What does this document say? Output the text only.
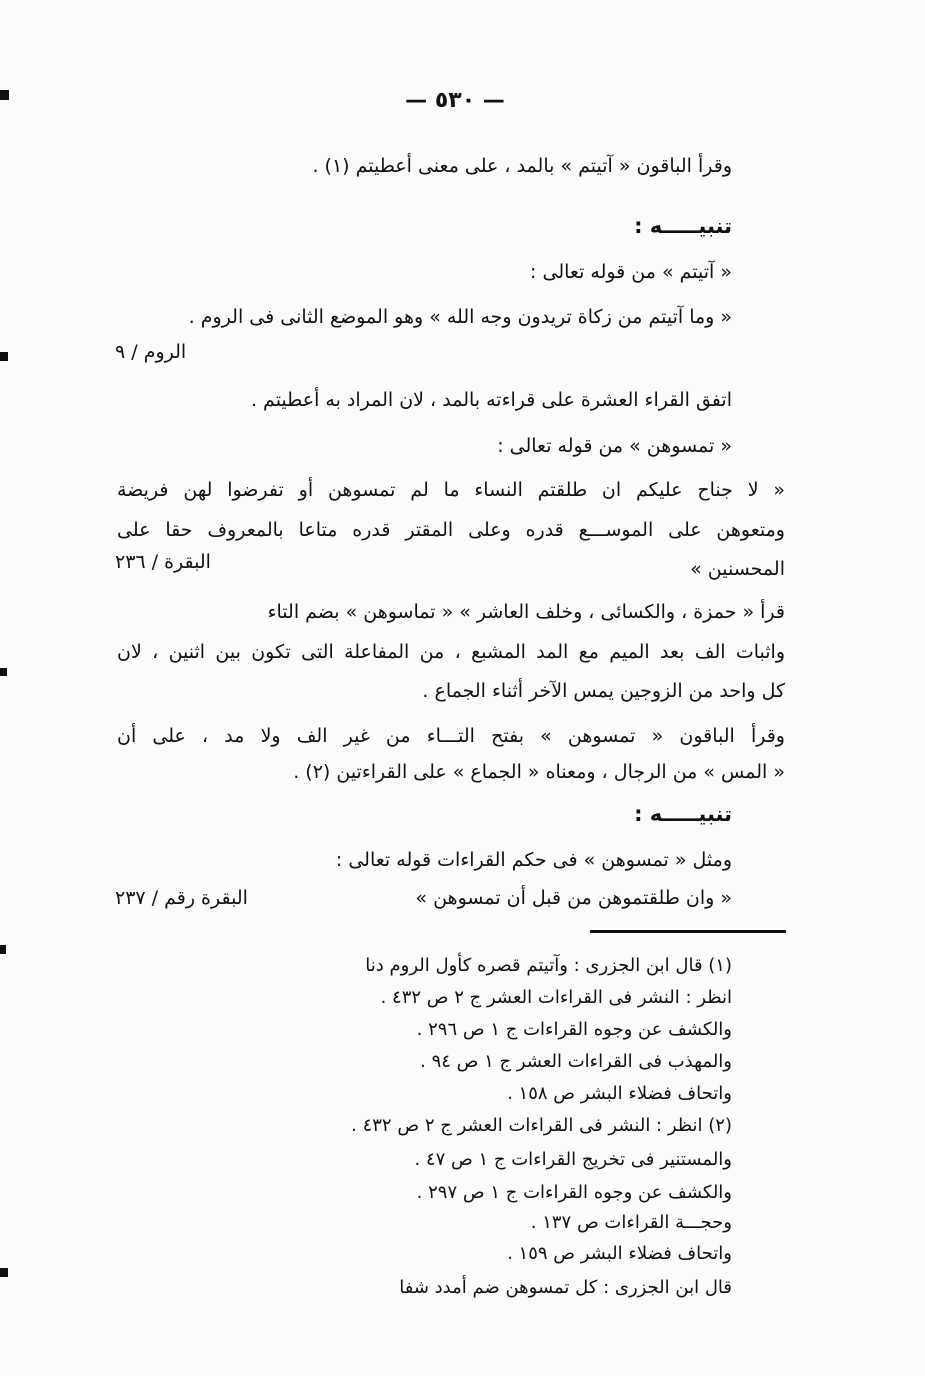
— ٥٣٠ —
وقرأ الباقون « آتيتم » بالمد ، على معنى أعطيتم (١) .
تنبيـــــه :
« آتيتم » من قوله تعالى :
« وما آتيتم من زكاة تريدون وجه الله » وهو الموضع الثانى فى الروم .
الروم / ٩
اتفق القراء العشرة على قراءته بالمد ، لان المراد به أعطيتم .
« تمسوهن » من قوله تعالى :
« لا جناح عليكم ان طلقتم النساء ما لم تمسوهن أو تفرضوا لهن فريضة
ومتعوهن على الموســـع قدره وعلى المقتر قدره متاعا بالمعروف حقا على
المحسنين »
البقرة / ٢٣٦
قرأ « حمزة ، والكسائى ، وخلف العاشر » « تماسوهن » بضم التاء
واثبات الف بعد الميم مع المد المشبع ، من المفاعلة التى تكون بين اثنين ، لان
كل واحد من الزوجين يمس الآخر أثناء الجماع .
وقرأ الباقون « تمسوهن » بفتح التـــاء من غير الف ولا مد ، على أن
« المس » من الرجال ، ومعناه « الجماع » على القراءتين (٢) .
تنبيـــــه :
ومثل « تمسوهن » فى حكم القراءات قوله تعالى :
« وان طلقتموهن من قبل أن تمسوهن »
البقرة رقم / ٢٣٧
(١) قال ابن الجزرى : وآتيتم قصره كأول الروم دنا
انظر : النشر فى القراءات العشر ج ٢ ص ٤٣٢ .
والكشف عن وجوه القراءات ج ١ ص ٢٩٦ .
والمهذب فى القراءات العشر ج ١ ص ٩٤ .
واتحاف فضلاء البشر ص ١٥٨ .
(٢) انظر : النشر فى القراءات العشر ج ٢ ص ٤٣٢ .
والمستنير فى تخريج القراءات ج ١ ص ٤٧ .
والكشف عن وجوه القراءات ج ١ ص ٢٩٧ .
وحجـــة القراءات ص ١٣٧ .
واتحاف فضلاء البشر ص ١٥٩ .
قال ابن الجزرى : كل تمسوهن ضم أمدد شفا
